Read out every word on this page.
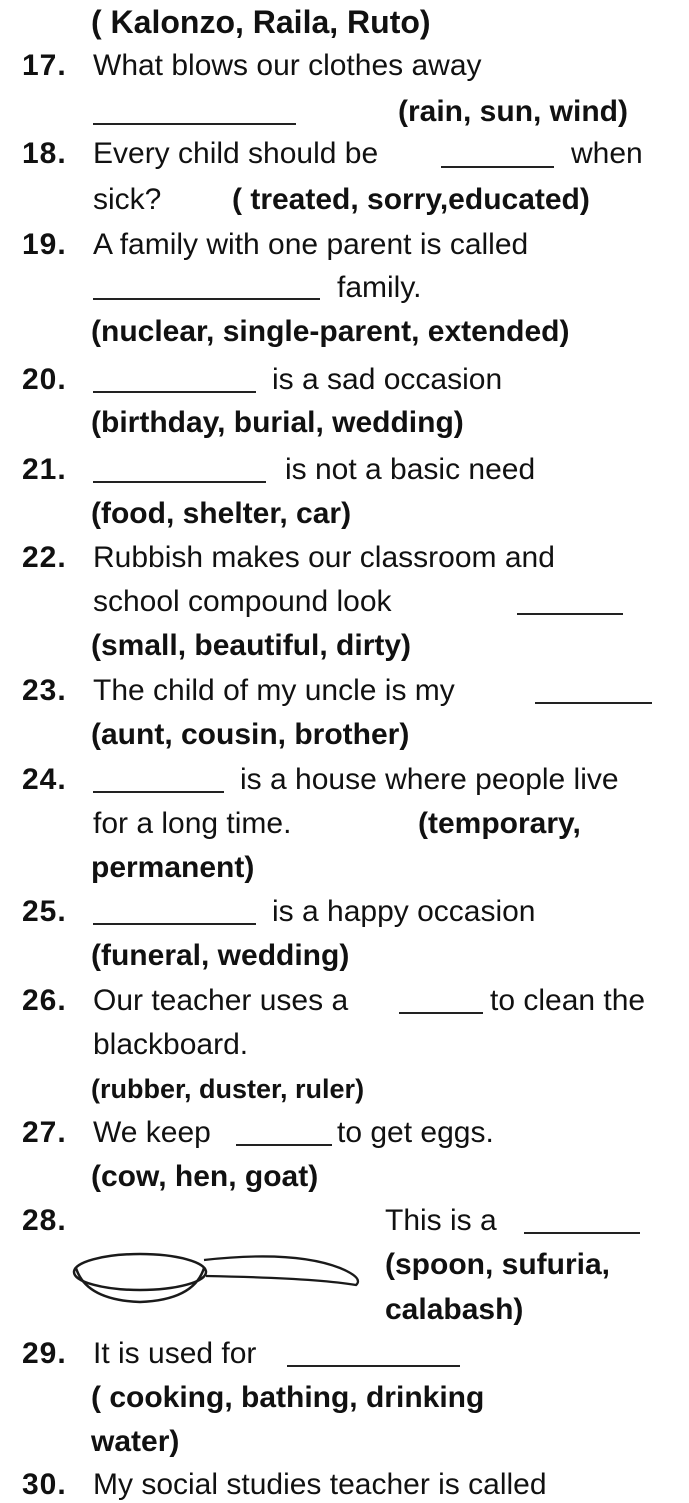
( Kalonzo, Raila, Ruto)
17. What blows our clothes away
(rain, sun, wind)
18. Every child should be	when
sick? ( treated, sorry,educated)
19. A family with one parent is called
family.
(nuclear, single-parent, extended)
20.	is a sad occasion
(birthday, burial, wedding)
21.	is not a basic need
(food, shelter, car)
22. Rubbish makes our classroom and
school compound look
(small, beautiful, dirty)
23. The child of my uncle is my
(aunt, cousin, brother)
24.	is a house where people live
for a long time.	(temporary,
permanent)
25.	is a happy occasion
(funeral, wedding)
26. Our teacher uses a	to clean the
blackboard.
(rubber, duster, ruler)
27. We keep	to get eggs.
(cow, hen, goat)
28.	This is a
(spoon, sufuria,
calabash)
29. It is used for
( cooking, bathing, drinking
water)
30. My social studies teacher is called
